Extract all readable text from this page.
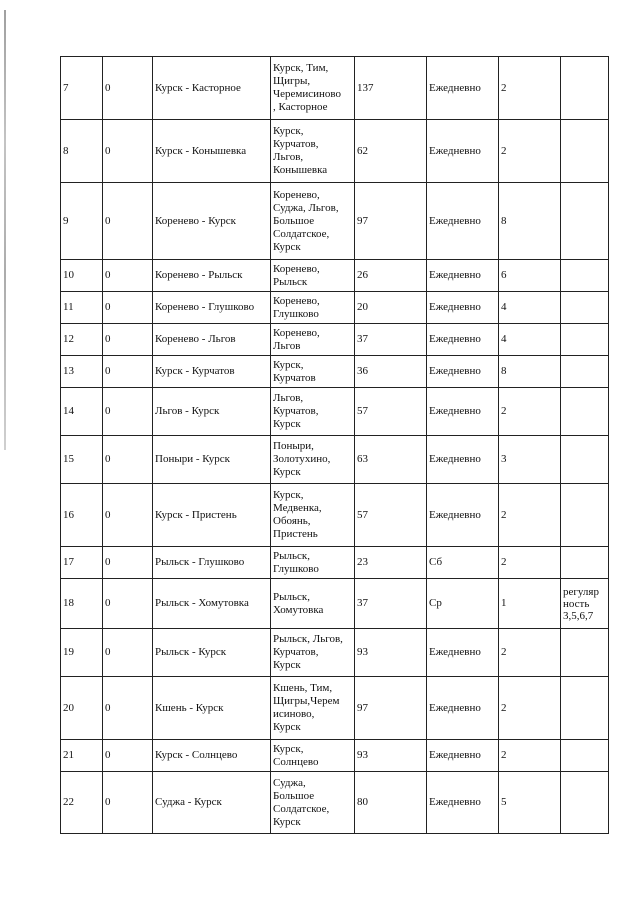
7	0	Курск - Касторное	Курск, Тим,
Щигры,
Черемисиново
, Касторное	137	Ежедневно	2	
8	0	Курск - Конышевка	Курск,
Курчатов,
Льгов,
Конышевка	62	Ежедневно	2	
9	0	Коренево - Курск	Коренево,
Суджа, Льгов,
Большое
Солдатское,
Курск	97	Ежедневно	8	
10	0	Коренево - Рыльск	Коренево,
Рыльск	26	Ежедневно	6	
11	0	Коренево - Глушково	Коренево,
Глушково	20	Ежедневно	4	
12	0	Коренево - Льгов	Коренево,
Льгов	37	Ежедневно	4	
13	0	Курск - Курчатов	Курск,
Курчатов	36	Ежедневно	8	
14	0	Льгов - Курск	Льгов,
Курчатов,
Курск	57	Ежедневно	2	
15	0	Поныри - Курск	Поныри,
Золотухино,
Курск	63	Ежедневно	3	
16	0	Курск - Пристень	Курск,
Медвенка,
Обоянь,
Пристень	57	Ежедневно	2	
17	0	Рыльск - Глушково	Рыльск,
Глушково	23	Сб	2	
18	0	Рыльск - Хомутовка	Рыльск,
Хомутовка	37	Ср	1	регуляр
ность
3,5,6,7
19	0	Рыльск - Курск	Рыльск, Льгов,
Курчатов,
Курск	93	Ежедневно	2	
20	0	Кшень - Курск	Кшень, Тим,
Щигры,Черем
исиново,
Курск	97	Ежедневно	2	
21	0	Курск - Солнцево	Курск,
Солнцево	93	Ежедневно	2	
22	0	Суджа - Курск	Суджа,
Большое
Солдатское,
Курск	80	Ежедневно	5	
